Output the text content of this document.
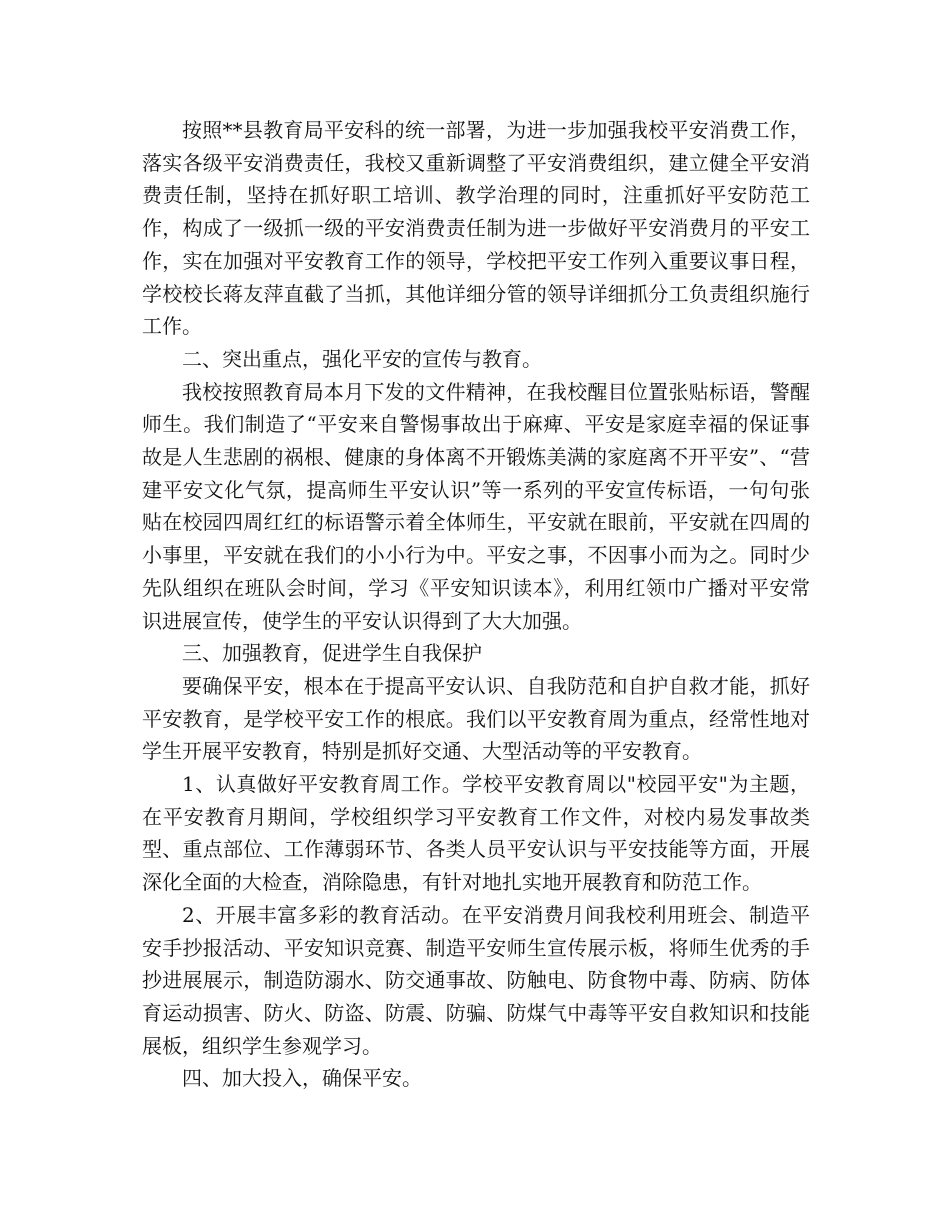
按照**县教育局平安科的统一部署，为进一步加强我校平安消费工作，落实各级平安消费责任，我校又重新调整了平安消费组织，建立健全平安消费责任制，坚持在抓好职工培训、教学治理的同时，注重抓好平安防范工作，构成了一级抓一级的平安消费责任制为进一步做好平安消费月的平安工作，实在加强对平安教育工作的领导，学校把平安工作列入重要议事日程，学校校长蒋友萍直截了当抓，其他详细分管的领导详细抓分工负责组织施行工作。

二、突出重点，强化平安的宣传与教育。

我校按照教育局本月下发的文件精神，在我校醒目位置张贴标语，警醒师生。我们制造了“平安来自警惕事故出于麻痺、平安是家庭幸福的保证事故是人生悲剧的祸根、健康的身体离不开锻炼美满的家庭离不开平安”、“营建平安文化气氛，提高师生平安认识”等一系列的平安宣传标语，一句句张贴在校园四周红红的标语警示着全体师生，平安就在眼前，平安就在四周的小事里，平安就在我们的小小行为中。平安之事，不因事小而为之。同时少先队组织在班队会时间，学习《平安知识读本》，利用红领巾广播对平安常识进展宣传，使学生的平安认识得到了大大加强。

三、加强教育，促进学生自我保护

要确保平安，根本在于提高平安认识、自我防范和自护自救才能，抓好平安教育，是学校平安工作的根底。我们以平安教育周为重点，经常性地对学生开展平安教育，特别是抓好交通、大型活动等的平安教育。

1、认真做好平安教育周工作。学校平安教育周以"校园平安"为主题，在平安教育月期间，学校组织学习平安教育工作文件，对校内易发事故类型、重点部位、工作薄弱环节、各类人员平安认识与平安技能等方面，开展深化全面的大检查，消除隐患，有针对地扎实地开展教育和防范工作。

2、开展丰富多彩的教育活动。在平安消费月间我校利用班会、制造平安手抄报活动、平安知识竞赛、制造平安师生宣传展示板，将师生优秀的手抄进展展示，制造防溺水、防交通事故、防触电、防食物中毒、防病、防体育运动损害、防火、防盗、防震、防骗、防煤气中毒等平安自救知识和技能展板，组织学生参观学习。

四、加大投入，确保平安。
